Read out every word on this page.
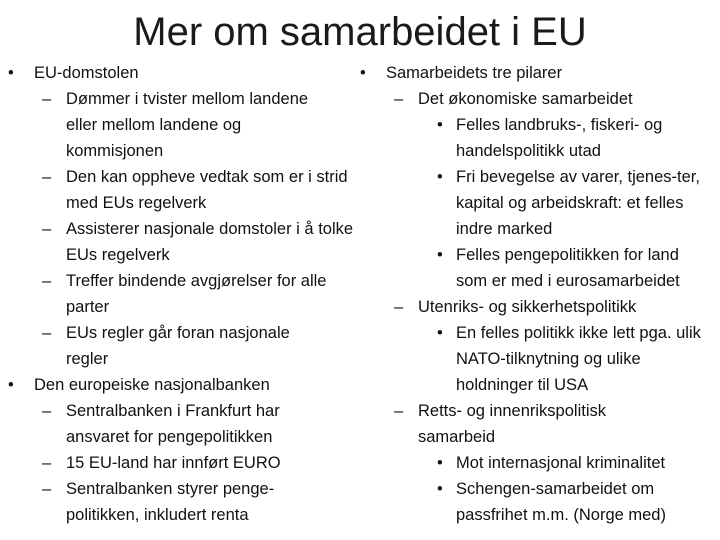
Mer om samarbeidet i EU
• EU-domstolen
– Dømmer i tvister mellom landene eller mellom landene og kommisjonen
– Den kan oppheve vedtak som er i strid med EUs regelverk
– Assisterer nasjonale domstoler i å tolke EUs regelverk
– Treffer bindende avgjørelser for alle parter
– EUs regler går foran nasjonale regler
• Den europeiske nasjonalbanken
– Sentralbanken i Frankfurt har ansvaret for pengepolitikken
– 15 EU-land har innført EURO
– Sentralbanken styrer penge-politikken, inkludert renta
• Samarbeidets tre pilarer
– Det økonomiske samarbeidet
• Felles landbruks-, fiskeri- og handelspolitikk utad
• Fri bevegelse av varer, tjenes-ter, kapital og arbeidskraft: et felles indre marked
• Felles pengepolitikken for land som er med i eurosamarbeidet
– Utenriks- og sikkerhetspolitikk
• En felles politikk ikke lett pga. ulik NATO-tilknytning og ulike holdninger til USA
– Retts- og innenrikspolitisk samarbeid
• Mot internasjonal kriminalitet
• Schengen-samarbeidet om passfrihet m.m. (Norge med)
